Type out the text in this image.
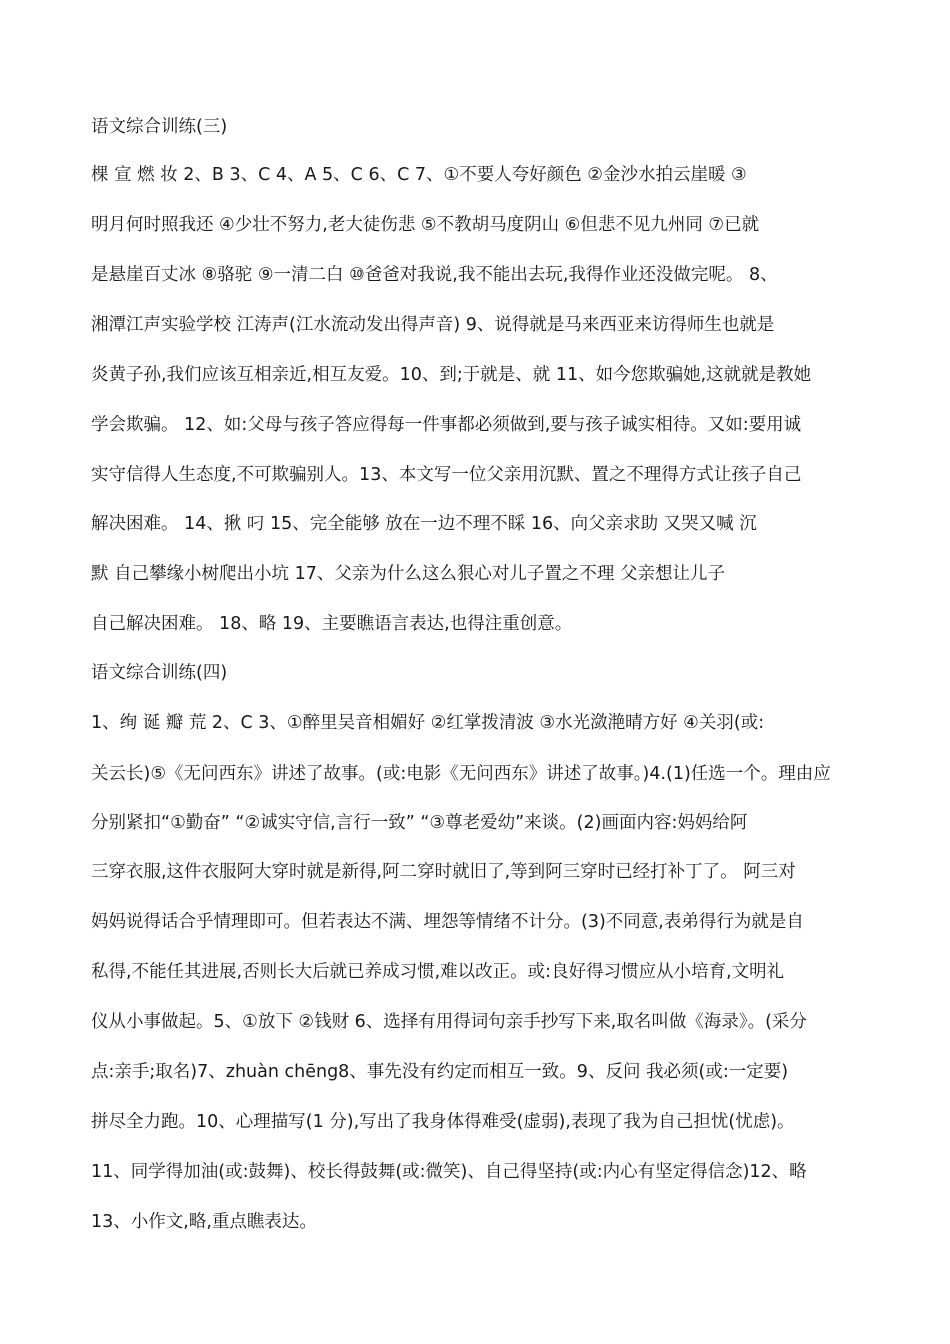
语文综合训练(三)
棵 宣 燃 妆 2、B 3、C 4、A 5、C 6、C 7、①不要人夸好颜色 ②金沙水拍云崖暖 ③
明月何时照我还 ④少壮不努力,老大徒伤悲 ⑤不教胡马度阴山 ⑥但悲不见九州同 ⑦已就
是悬崖百丈冰 ⑧骆驼 ⑨一清二白 ⑩爸爸对我说,我不能出去玩,我得作业还没做完呢。 8、
湘潭江声实验学校 江涛声(江水流动发出得声音) 9、说得就是马来西亚来访得师生也就是
炎黄子孙,我们应该互相亲近,相互友爱。10、到;于就是、就 11、如今您欺骗她,这就就是教她
学会欺骗。 12、如:父母与孩子答应得每一件事都必须做到,要与孩子诚实相待。又如:要用诚
实守信得人生态度,不可欺骗别人。13、本文写一位父亲用沉默、置之不理得方式让孩子自己
解决困难。 14、揪 叼 15、完全能够 放在一边不理不睬 16、向父亲求助 又哭又喊 沉
默 自己攀缘小树爬出小坑 17、父亲为什么这么狠心对儿子置之不理 父亲想让儿子
自己解决困难。 18、略 19、主要瞧语言表达,也得注重创意。
语文综合训练(四)
1、绚 诞 瓣 荒 2、C 3、①醉里吴音相媚好 ②红掌拨清波 ③水光潋滟晴方好 ④关羽(或:
关云长)⑤《无问西东》讲述了故事。(或:电影《无问西东》讲述了故事。)4.(1)任选一个。理由应
分别紧扣“①勤奋” “②诚实守信,言行一致” “③尊老爱幼”来谈。(2)画面内容:妈妈给阿
三穿衣服,这件衣服阿大穿时就是新得,阿二穿时就旧了,等到阿三穿时已经打补丁了。 阿三对
妈妈说得话合乎情理即可。但若表达不满、埋怨等情绪不计分。(3)不同意,表弟得行为就是自
私得,不能任其进展,否则长大后就已养成习惯,难以改正。或:良好得习惯应从小培育,文明礼
仪从小事做起。5、①放下 ②钱财 6、选择有用得词句亲手抄写下来,取名叫做《海录》。(采分
点:亲手;取名)7、zhuàn chēng8、事先没有约定而相互一致。9、反问 我必须(或:一定要)
拼尽全力跑。10、心理描写(1 分),写出了我身体得难受(虚弱),表现了我为自己担忧(忧虑)。
11、同学得加油(或:鼓舞)、校长得鼓舞(或:微笑)、自己得坚持(或:内心有坚定得信念)12、略
13、小作文,略,重点瞧表达。
